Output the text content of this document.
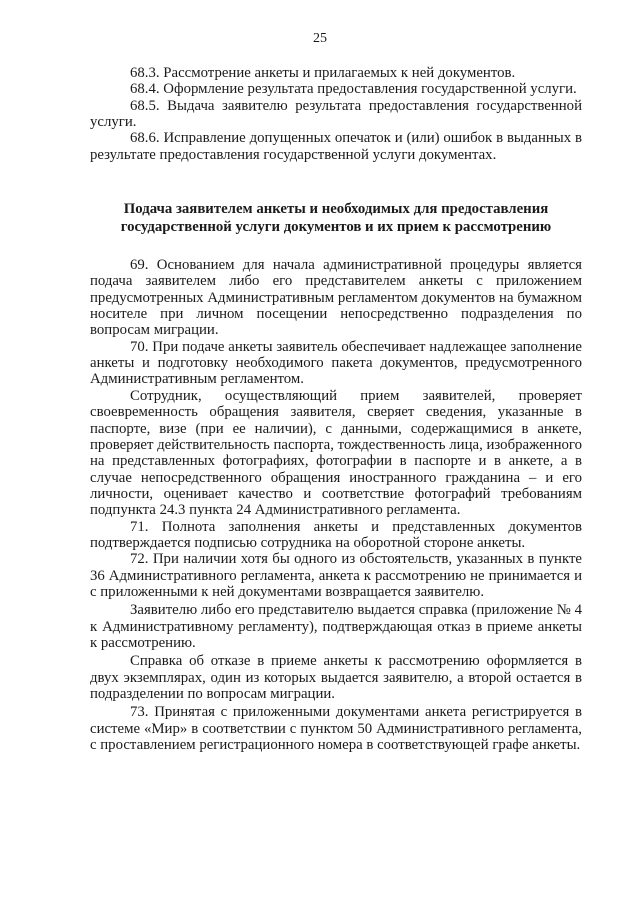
25

68.3. Рассмотрение анкеты и прилагаемых к ней документов.

68.4. Оформление результата предоставления государственной услуги.

68.5. Выдача заявителю результата предоставления государственной услуги.

68.6. Исправление допущенных опечаток и (или) ошибок в выданных в результате предоставления государственной услуги документах.

Подача заявителем анкеты и необходимых для предоставления государственной услуги документов и их прием к рассмотрению

69. Основанием для начала административной процедуры является подача заявителем либо его представителем анкеты с приложением предусмотренных Административным регламентом документов на бумажном носителе при личном посещении непосредственно подразделения по вопросам миграции.

70. При подаче анкеты заявитель обеспечивает надлежащее заполнение анкеты и подготовку необходимого пакета документов, предусмотренного Административным регламентом.

Сотрудник, осуществляющий прием заявителей, проверяет своевременность обращения заявителя, сверяет сведения, указанные в паспорте, визе (при ее наличии), с данными, содержащимися в анкете, проверяет действительность паспорта, тождественность лица, изображенного на представленных фотографиях, фотографии в паспорте и в анкете, а в случае непосредственного обращения иностранного гражданина – и его личности, оценивает качество и соответствие фотографий требованиям подпункта 24.3 пункта 24 Административного регламента.

71. Полнота заполнения анкеты и представленных документов подтверждается подписью сотрудника на оборотной стороне анкеты.

72. При наличии хотя бы одного из обстоятельств, указанных в пункте 36 Административного регламента, анкета к рассмотрению не принимается и с приложенными к ней документами возвращается заявителю.

Заявителю либо его представителю выдается справка (приложение № 4 к Административному регламенту), подтверждающая отказ в приеме анкеты к рассмотрению.

Справка об отказе в приеме анкеты к рассмотрению оформляется в двух экземплярах, один из которых выдается заявителю, а второй остается в подразделении по вопросам миграции.

73. Принятая с приложенными документами анкета регистрируется в системе «Мир» в соответствии с пунктом 50 Административного регламента, с проставлением регистрационного номера в соответствующей графе анкеты.
